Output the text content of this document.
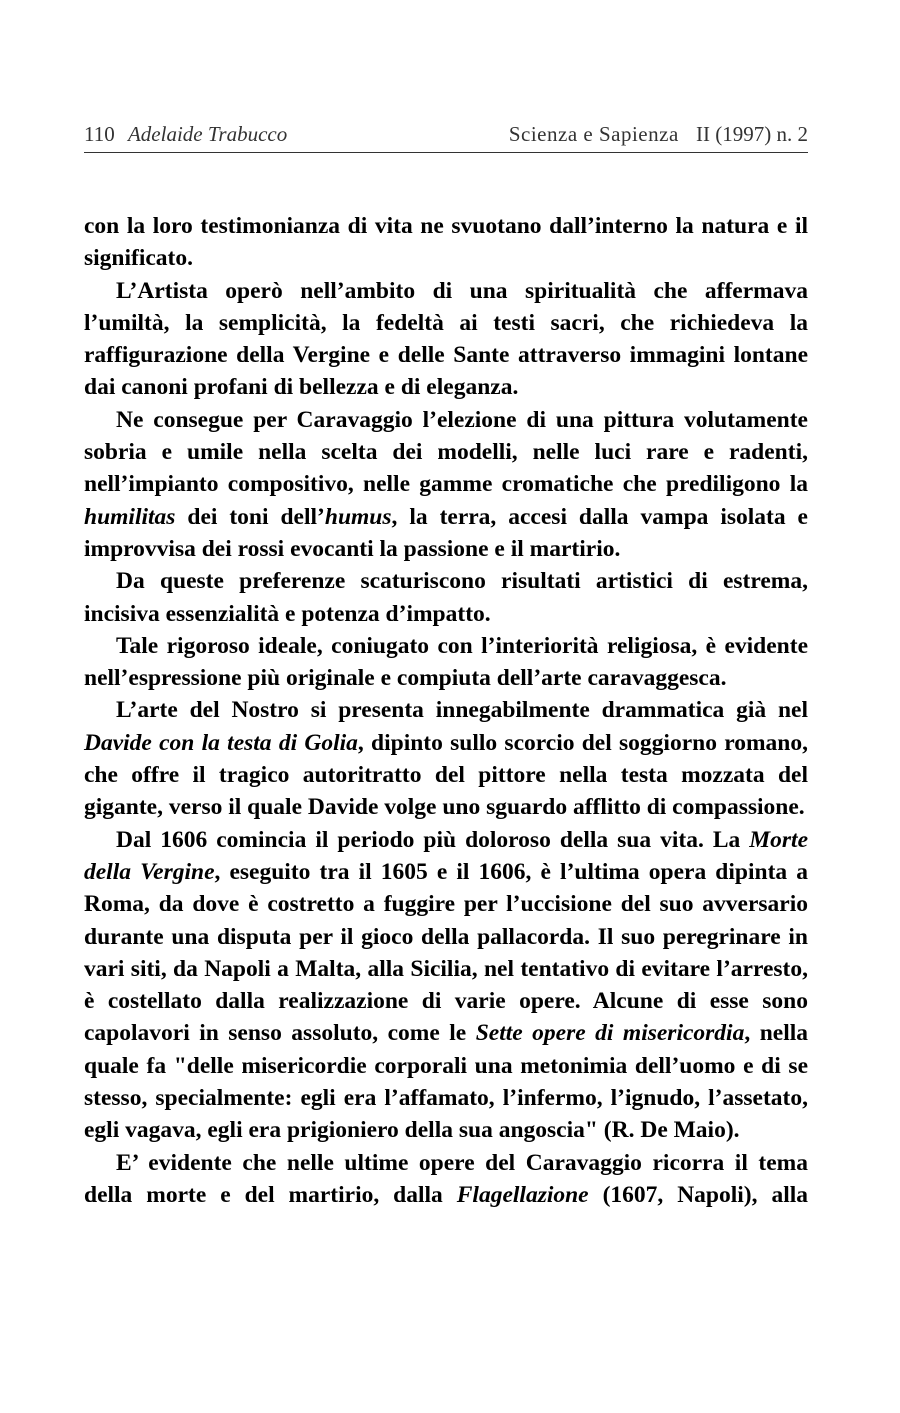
110 Adelaide Trabucco	Scienza e Sapienza II (1997) n. 2

con la loro testimonianza di vita ne svuotano dall’interno la natura e il significato.

L’Artista operò nell’ambito di una spiritualità che affermava l’umiltà, la semplicità, la fedeltà ai testi sacri, che richiedeva la raffigurazione della Vergine e delle Sante attraverso immagini lontane dai canoni profani di bellezza e di eleganza.

Ne consegue per Caravaggio l’elezione di una pittura volutamente sobria e umile nella scelta dei modelli, nelle luci rare e radenti, nell’impianto compositivo, nelle gamme cromatiche che prediligono la humilitas dei toni dell’humus, la terra, accesi dalla vampa isolata e improvvisa dei rossi evocanti la passione e il martirio.

Da queste preferenze scaturiscono risultati artistici di estrema, incisiva essenzialità e potenza d’impatto.

Tale rigoroso ideale, coniugato con l’interiorità religiosa, è evidente nell’espressione più originale e compiuta dell’arte caravaggesca.

L’arte del Nostro si presenta innegabilmente drammatica già nel Davide con la testa di Golia, dipinto sullo scorcio del soggiorno romano, che offre il tragico autoritratto del pittore nella testa mozzata del gigante, verso il quale Davide volge uno sguardo afflitto di compassione.

Dal 1606 comincia il periodo più doloroso della sua vita. La Morte della Vergine, eseguito tra il 1605 e il 1606, è l’ultima opera dipinta a Roma, da dove è costretto a fuggire per l’uccisione del suo avversario durante una disputa per il gioco della pallacorda. Il suo peregrinare in vari siti, da Napoli a Malta, alla Sicilia, nel tentativo di evitare l’arresto, è costellato dalla realizzazione di varie opere. Alcune di esse sono capolavori in senso assoluto, come le Sette opere di misericordia, nella quale fa "delle misericordie corporali una metonimia dell’uomo e di se stesso, specialmente: egli era l’affamato, l’infermo, l’ignudo, l’assetato, egli vagava, egli era prigioniero della sua angoscia" (R. De Maio).

E’ evidente che nelle ultime opere del Caravaggio ricorra il tema della morte e del martirio, dalla Flagellazione (1607, Napoli), alla
